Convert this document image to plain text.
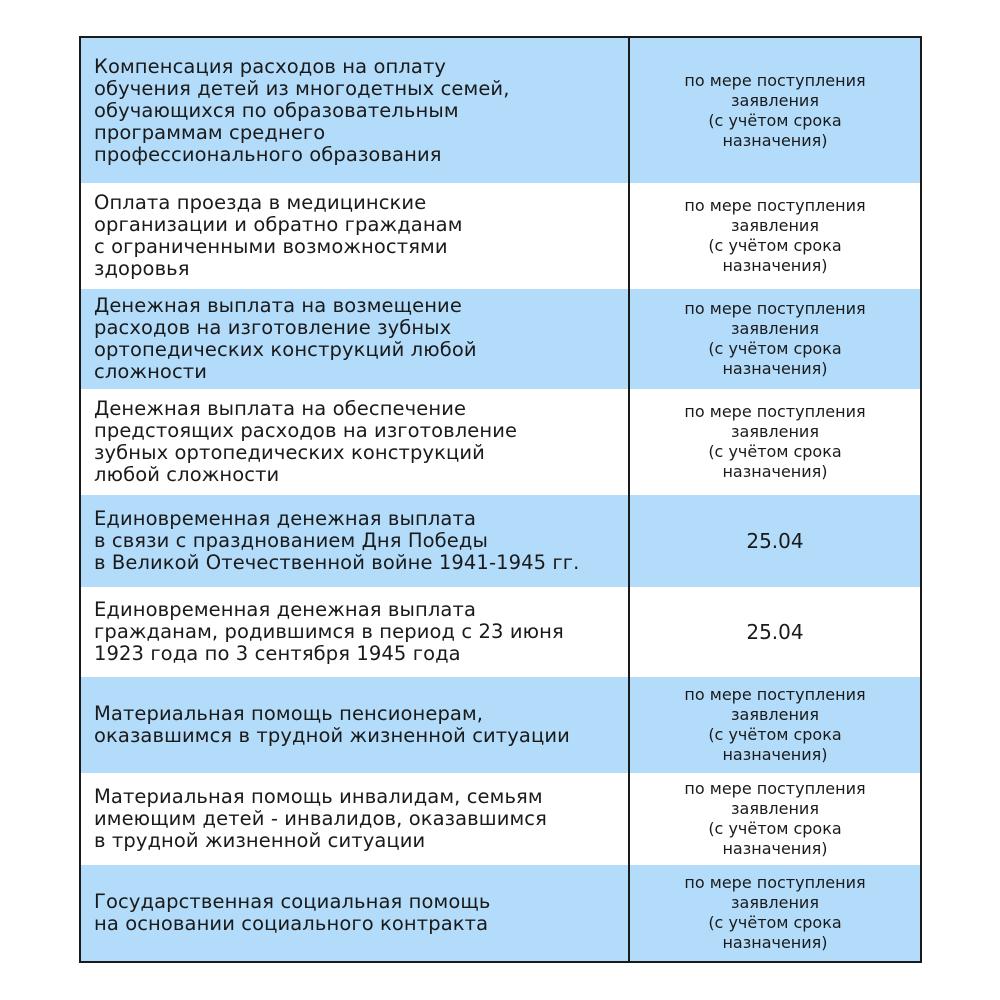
Компенсация расходов на оплату
обучения детей из многодетных семей,
обучающихся по образовательным
программам среднего
профессионального образования
по мере поступления
заявления
(с учётом срока
назначения)
Оплата проезда в медицинские
организации и обратно гражданам
с ограниченными возможностями
здоровья
по мере поступления
заявления
(с учётом срока
назначения)
Денежная выплата на возмещение
расходов на изготовление зубных
ортопедических конструкций любой
сложности
по мере поступления
заявления
(с учётом срока
назначения)
Денежная выплата на обеспечение
предстоящих расходов на изготовление
зубных ортопедических конструкций
любой сложности
по мере поступления
заявления
(с учётом срока
назначения)
Единовременная денежная выплата
в связи с празднованием Дня Победы
в Великой Отечественной войне 1941-1945 гг.
25.04
Единовременная денежная выплата
гражданам, родившимся в период с 23 июня
1923 года по 3 сентября 1945 года
25.04
Материальная помощь пенсионерам,
оказавшимся в трудной жизненной ситуации
по мере поступления
заявления
(с учётом срока
назначения)
Материальная помощь инвалидам, семьям
имеющим детей - инвалидов, оказавшимся
в трудной жизненной ситуации
по мере поступления
заявления
(с учётом срока
назначения)
Государственная социальная помощь
на основании социального контракта
по мере поступления
заявления
(с учётом срока
назначения)
